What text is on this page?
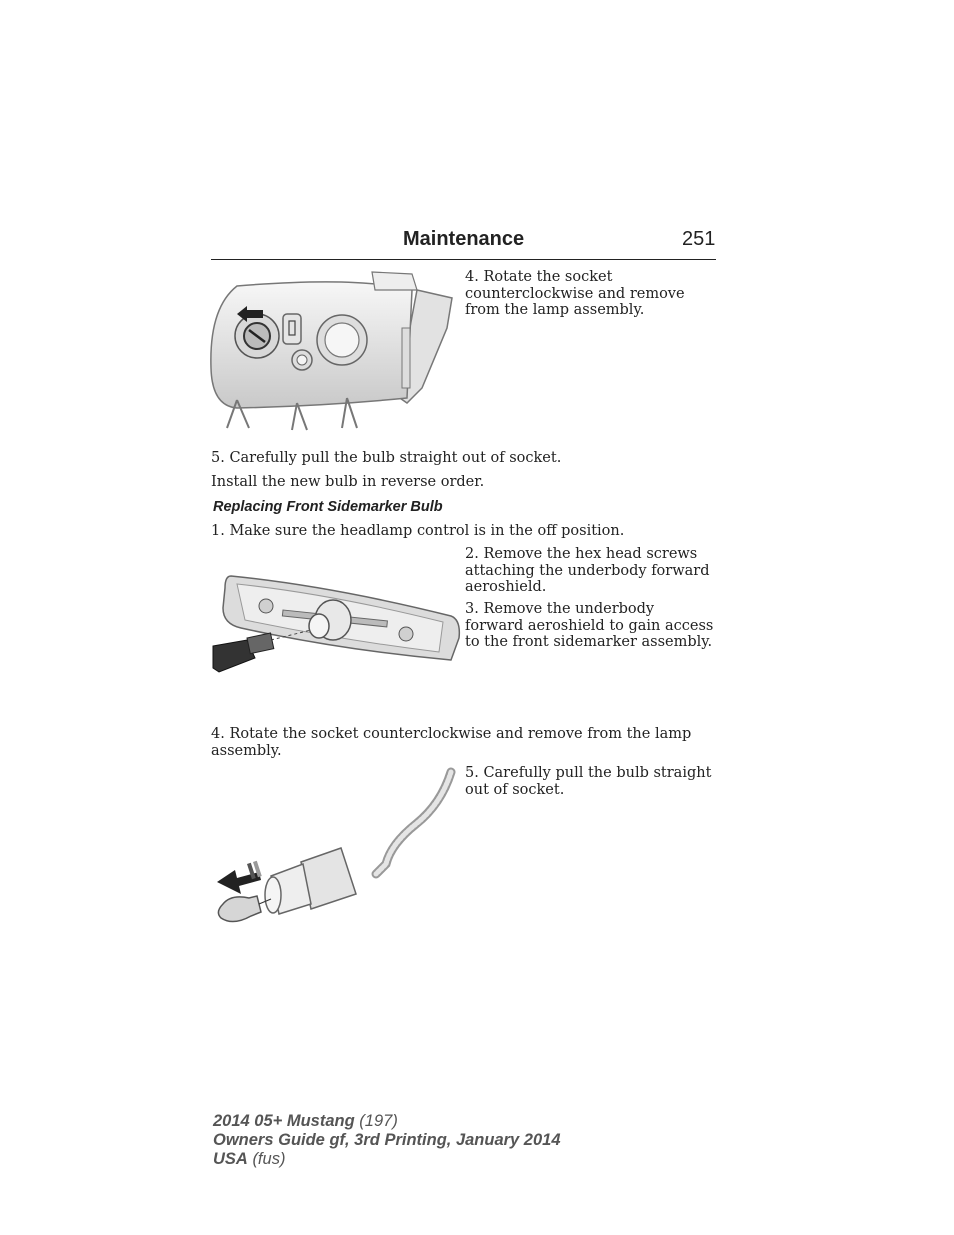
Maintenance	251
4. Rotate the socket counterclockwise and remove from the lamp assembly.
5. Carefully pull the bulb straight out of socket.
Install the new bulb in reverse order.
Replacing Front Sidemarker Bulb
1. Make sure the headlamp control is in the off position.
2. Remove the hex head screws attaching the underbody forward aeroshield.
3. Remove the underbody forward aeroshield to gain access to the front sidemarker assembly.
4. Rotate the socket counterclockwise and remove from the lamp assembly.
5. Carefully pull the bulb straight out of socket.
2014 05+ Mustang (197)
Owners Guide gf, 3rd Printing, January 2014
USA (fus)
